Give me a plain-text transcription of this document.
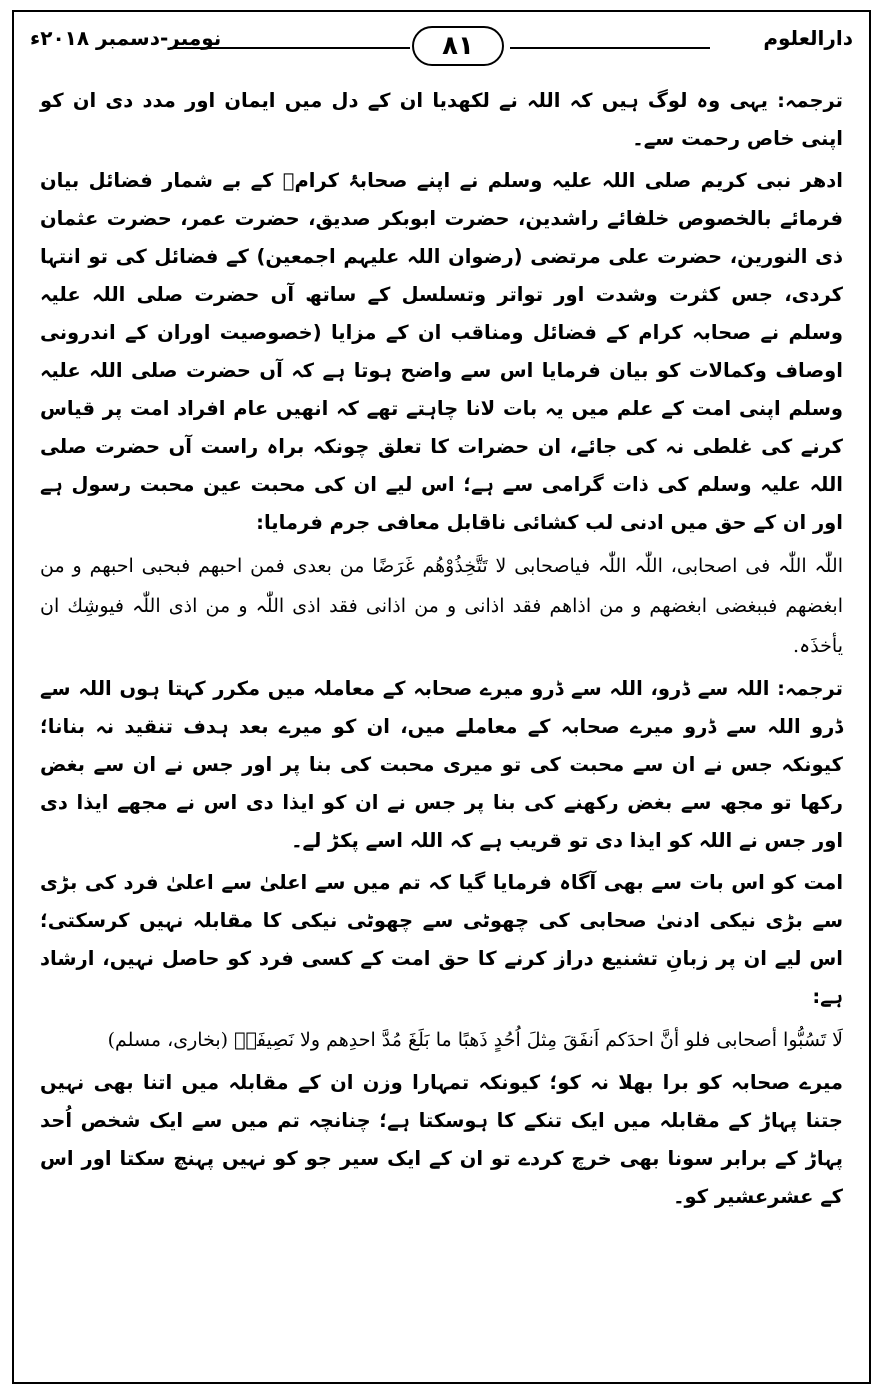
دارالعلوم
نومبر-دسمبر ۲۰۱۸ء	۸۱

ترجمہ: یہی وہ لوگ ہیں کہ اللہ نے لکھدیا ان کے دل میں ایمان اور مدد دی ان کو اپنی خاص رحمت سے۔

ادھر نبی کریم صلی اللہ علیہ وسلم نے اپنے صحابۂ کرامؓ کے بے شمار فضائل بیان فرمائے بالخصوص خلفائے راشدین، حضرت ابوبکر صدیق، حضرت عمر، حضرت عثمان ذی النورین، حضرت علی مرتضی (رضوان اللہ علیہم اجمعین) کے فضائل کی تو انتہا کردی، جس کثرت وشدت اور تواتر وتسلسل کے ساتھ آں حضرت صلی اللہ علیہ وسلم نے صحابہ کرام کے فضائل ومناقب ان کے مزایا (خصوصیت اوران کے اندرونی اوصاف وکمالات کو بیان فرمایا اس سے واضح ہوتا ہے کہ آں حضرت صلی اللہ علیہ وسلم اپنی امت کے علم میں یہ بات لانا چاہتے تھے کہ انھیں عام افراد امت پر قیاس کرنے کی غلطی نہ کی جائے، ان حضرات کا تعلق چونکہ براہ راست آں حضرت صلی اللہ علیہ وسلم کی ذات گرامی سے ہے؛ اس لیے ان کی محبت عین محبت رسول ہے اور ان کے حق میں ادنی لب کشائی ناقابل معافی جرم فرمایا:

اللّٰہ اللّٰہ فی اصحابی، اللّٰہ اللّٰہ فیاصحابی لا تَتَّخِذُوْھُم غَرَضًا من بعدی فمن احبھم فبحبی احبھم و من ابغضھم فببغضی ابغضھم و من اذاھم فقد اذانی و من اذانی فقد اذی اللّٰہ و من اذی اللّٰہ فیوشِك ان یأخذَہ.

ترجمہ: اللہ سے ڈرو، اللہ سے ڈرو میرے صحابہ کے معاملہ میں مکرر کہتا ہوں اللہ سے ڈرو اللہ سے ڈرو میرے صحابہ کے معاملے میں، ان کو میرے بعد ہدف تنقید نہ بنانا؛ کیونکہ جس نے ان سے محبت کی تو میری محبت کی بنا پر اور جس نے ان سے بغض رکھا تو مجھ سے بغض رکھنے کی بنا پر جس نے ان کو ایذا دی اس نے مجھے ایذا دی اور جس نے اللہ کو ایذا دی تو قریب ہے کہ اللہ اسے پکڑ لے۔

امت کو اس بات سے بھی آگاہ فرمایا گیا کہ تم میں سے اعلیٰ سے اعلیٰ فرد کی بڑی سے بڑی نیکی ادنیٰ صحابی کی چھوٹی سے چھوٹی نیکی کا مقابلہ نہیں کرسکتی؛ اس لیے ان پر زبانِ تشنیع دراز کرنے کا حق امت کے کسی فرد کو حاصل نہیں، ارشاد ہے:

لَا تَسُبُّوا أصحابی فلو أنَّ احدَکم اَنفَقَ مِثلَ اُحُدٍ ذَھبًا ما بَلَغَ مُدَّ احدِھم ولا نَصِیفَہٗ (بخاری، مسلم)

میرے صحابہ کو برا بھلا نہ کو؛ کیونکہ تمہارا وزن ان کے مقابلہ میں اتنا بھی نہیں جتنا پہاڑ کے مقابلہ میں ایک تنکے کا ہوسکتا ہے؛ چنانچہ تم میں سے ایک شخص اُحد پہاڑ کے برابر سونا بھی خرچ کردے تو ان کے ایک سیر جو کو نہیں پہنچ سکتا اور اس کے عشرعشیر کو۔
